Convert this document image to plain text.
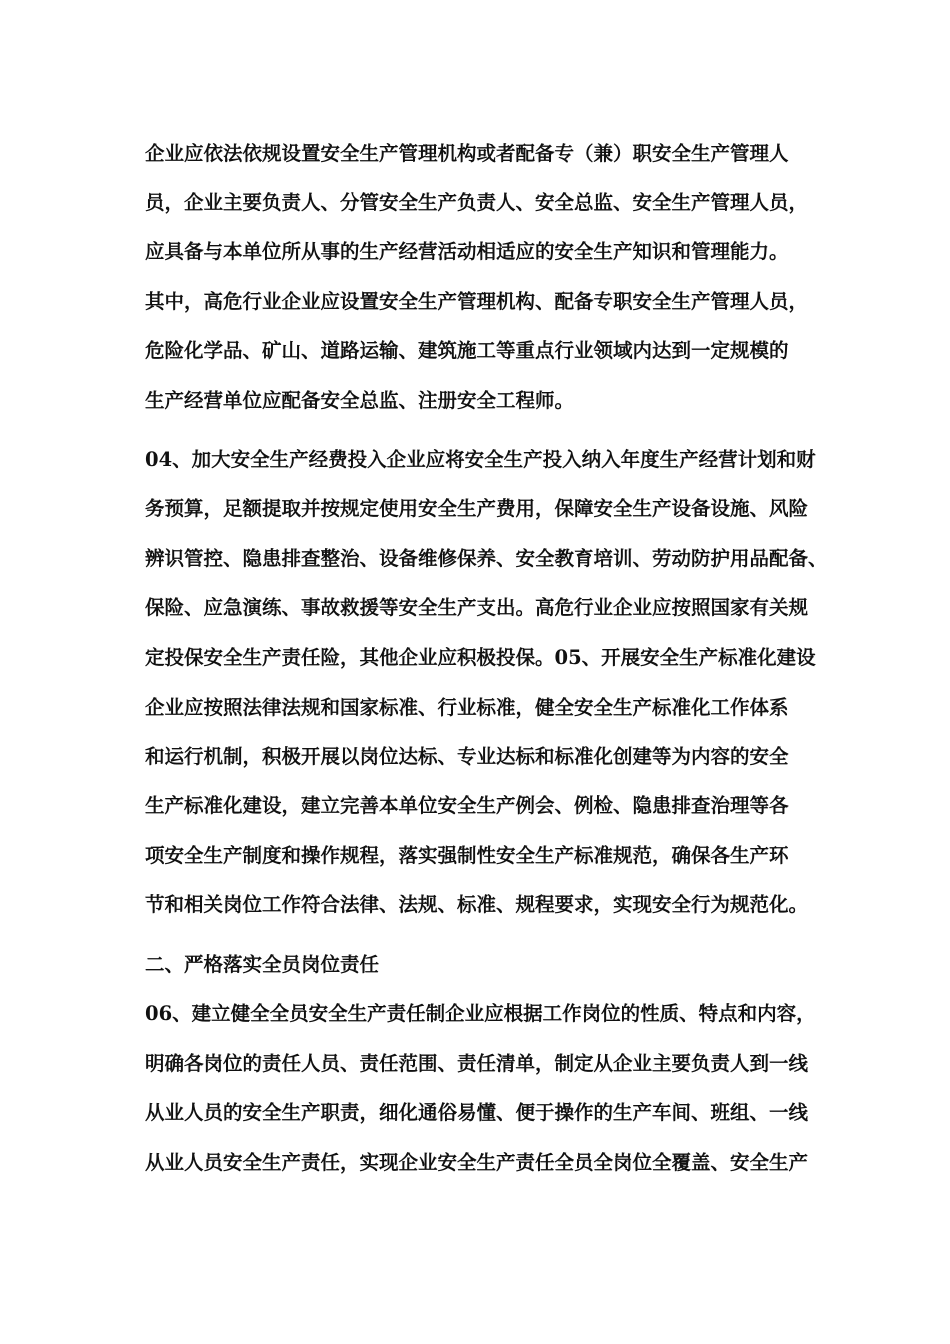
企业应依法依规设置安全生产管理机构或者配备专（兼）职安全生产管理人

员，企业主要负责人、分管安全生产负责人、安全总监、安全生产管理人员，

应具备与本单位所从事的生产经营活动相适应的安全生产知识和管理能力。

其中，高危行业企业应设置安全生产管理机构、配备专职安全生产管理人员，

危险化学品、矿山、道路运输、建筑施工等重点行业领域内达到一定规模的

生产经营单位应配备安全总监、注册安全工程师。

04、加大安全生产经费投入企业应将安全生产投入纳入年度生产经营计划和财

务预算，足额提取并按规定使用安全生产费用，保障安全生产设备设施、风险

辨识管控、隐患排查整治、设备维修保养、安全教育培训、劳动防护用品配备、

保险、应急演练、事故救援等安全生产支出。高危行业企业应按照国家有关规

定投保安全生产责任险，其他企业应积极投保。05、开展安全生产标准化建设

企业应按照法律法规和国家标准、行业标准，健全安全生产标准化工作体系

和运行机制，积极开展以岗位达标、专业达标和标准化创建等为内容的安全

生产标准化建设，建立完善本单位安全生产例会、例检、隐患排查治理等各

项安全生产制度和操作规程，落实强制性安全生产标准规范，确保各生产环

节和相关岗位工作符合法律、法规、标准、规程要求，实现安全行为规范化。

二、严格落实全员岗位责任

06、建立健全全员安全生产责任制企业应根据工作岗位的性质、特点和内容，

明确各岗位的责任人员、责任范围、责任清单，制定从企业主要负责人到一线

从业人员的安全生产职责，细化通俗易懂、便于操作的生产车间、班组、一线

从业人员安全生产责任，实现企业安全生产责任全员全岗位全覆盖、安全生产
